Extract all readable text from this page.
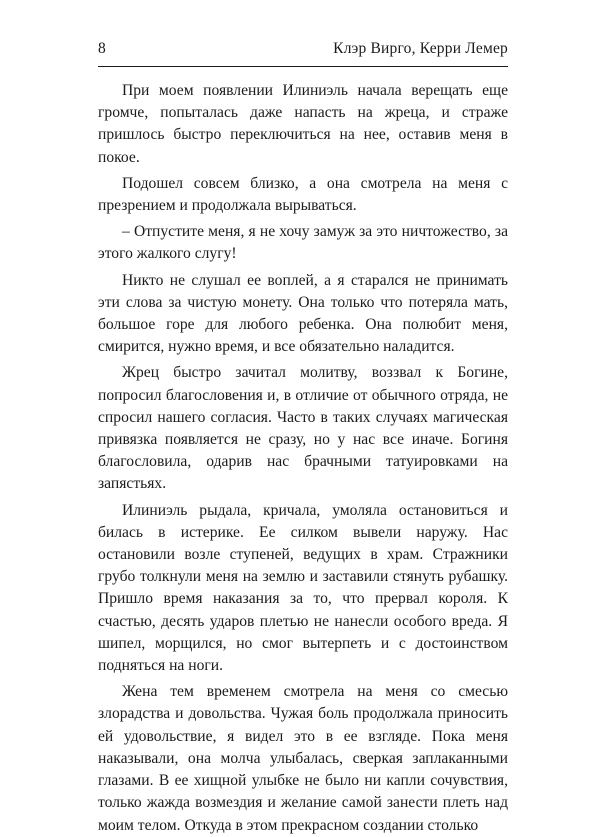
8	Клэр Вирго, Керри Лемер

При моем появлении Илиниэль начала верещать еще громче, попыталась даже напасть на жреца, и страже пришлось быстро переключиться на нее, оставив меня в покое.

Подошел совсем близко, а она смотрела на меня с презрением и продолжала вырываться.

– Отпустите меня, я не хочу замуж за это ничтожество, за этого жалкого слугу!

Никто не слушал ее воплей, а я старался не принимать эти слова за чистую монету. Она только что потеряла мать, большое горе для любого ребенка. Она полюбит меня, смирится, нужно время, и все обязательно наладится.

Жрец быстро зачитал молитву, воззвал к Богине, попросил благословения и, в отличие от обычного отряда, не спросил нашего согласия. Часто в таких случаях магическая привязка появляется не сразу, но у нас все иначе. Богиня благословила, одарив нас брачными татуировками на запястьях.

Илиниэль рыдала, кричала, умоляла остановиться и билась в истерике. Ее силком вывели наружу. Нас остановили возле ступеней, ведущих в храм. Стражники грубо толкнули меня на землю и заставили стянуть рубашку. Пришло время наказания за то, что прервал короля. К счастью, десять ударов плетью не нанесли особого вреда. Я шипел, морщился, но смог вытерпеть и с достоинством подняться на ноги.

Жена тем временем смотрела на меня со смесью злорадства и довольства. Чужая боль продолжала приносить ей удовольствие, я видел это в ее взгляде. Пока меня наказывали, она молча улыбалась, сверкая заплаканными глазами. В ее хищной улыбке не было ни капли сочувствия, только жажда возмездия и желание самой занести плеть над моим телом. Откуда в этом прекрасном создании столько
